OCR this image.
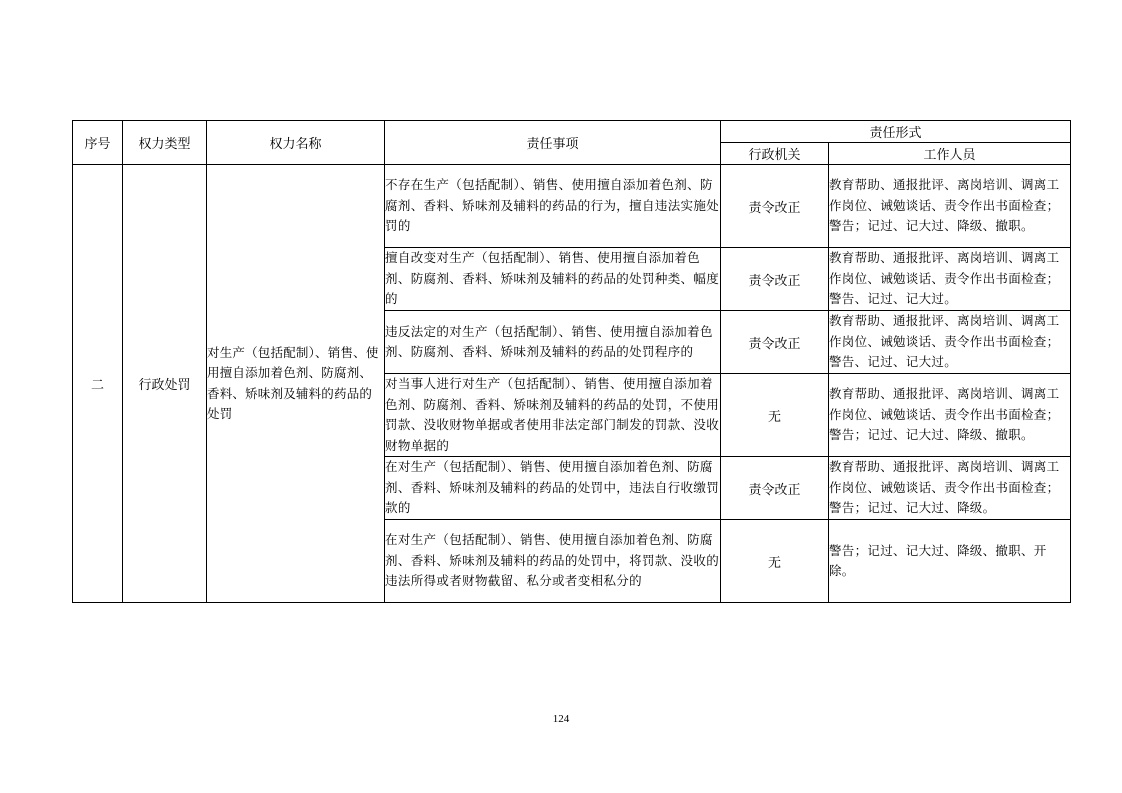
序号	权力类型	权力名称	责任事项	责任形式	
				行政机关	工作人员
二	行政处罚	对生产（包括配制）、销售、使用擅自添加着色剂、防腐剂、香料、矫味剂及辅料的药品的处罚	不存在生产（包括配制）、销售、使用擅自添加着色剂、防腐剂、香料、矫味剂及辅料的药品的行为，擅自违法实施处罚的	责令改正	教育帮助、通报批评、离岗培训、调离工作岗位、诫勉谈话、责令作出书面检查；警告；记过、记大过、降级、撤职。
			擅自改变对生产（包括配制）、销售、使用擅自添加着色剂、防腐剂、香料、矫味剂及辅料的药品的处罚种类、幅度的	责令改正	教育帮助、通报批评、离岗培训、调离工作岗位、诫勉谈话、责令作出书面检查；警告、记过、记大过。
			违反法定的对生产（包括配制）、销售、使用擅自添加着色剂、防腐剂、香料、矫味剂及辅料的药品的处罚程序的	责令改正	教育帮助、通报批评、离岗培训、调离工作岗位、诫勉谈话、责令作出书面检查；警告、记过、记大过。
			对当事人进行对生产（包括配制）、销售、使用擅自添加着色剂、防腐剂、香料、矫味剂及辅料的药品的处罚，不使用罚款、没收财物单据或者使用非法定部门制发的罚款、没收财物单据的	无	教育帮助、通报批评、离岗培训、调离工作岗位、诫勉谈话、责令作出书面检查；警告；记过、记大过、降级、撤职。
			在对生产（包括配制）、销售、使用擅自添加着色剂、防腐剂、香料、矫味剂及辅料的药品的处罚中，违法自行收缴罚款的	责令改正	教育帮助、通报批评、离岗培训、调离工作岗位、诫勉谈话、责令作出书面检查；警告；记过、记大过、降级。
			在对生产（包括配制）、销售、使用擅自添加着色剂、防腐剂、香料、矫味剂及辅料的药品的处罚中，将罚款、没收的违法所得或者财物截留、私分或者变相私分的	无	警告；记过、记大过、降级、撤职、开除。
124
